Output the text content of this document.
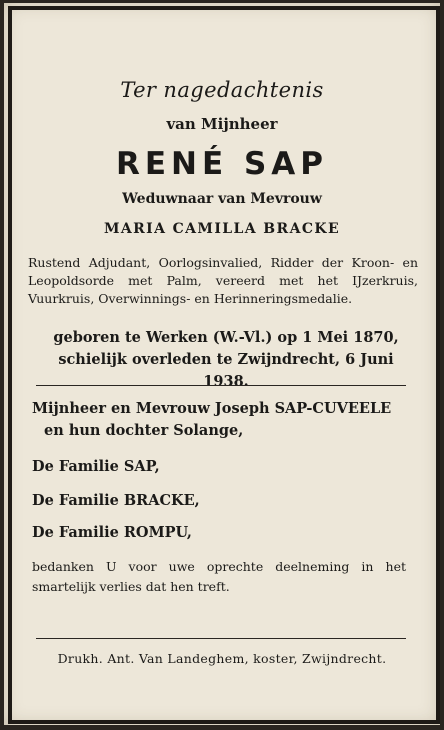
Ter nagedachtenis
van Mijnheer
RENÉ SAP
Weduwnaar van Mevrouw
MARIA CAMILLA BRACKE
Rustend Adjudant, Oorlogsinvalied, Ridder der Kroon- en Leopoldsorde met Palm, vereerd met het IJzerkruis, Vuurkruis, Overwinnings- en Herinneringsmedalie.
geboren te Werken (W.-Vl.) op 1 Mei 1870,
schielijk overleden te Zwijndrecht, 6 Juni 1938.
Mijnheer en Mevrouw Joseph SAP-CUVEELE
en hun dochter Solange,
De Familie SAP,
De Familie BRACKE,
De Familie ROMPU,
bedanken U voor uwe oprechte deelneming in het smartelijk verlies dat hen treft.
Drukh. Ant. Van Landeghem, koster, Zwijndrecht.
